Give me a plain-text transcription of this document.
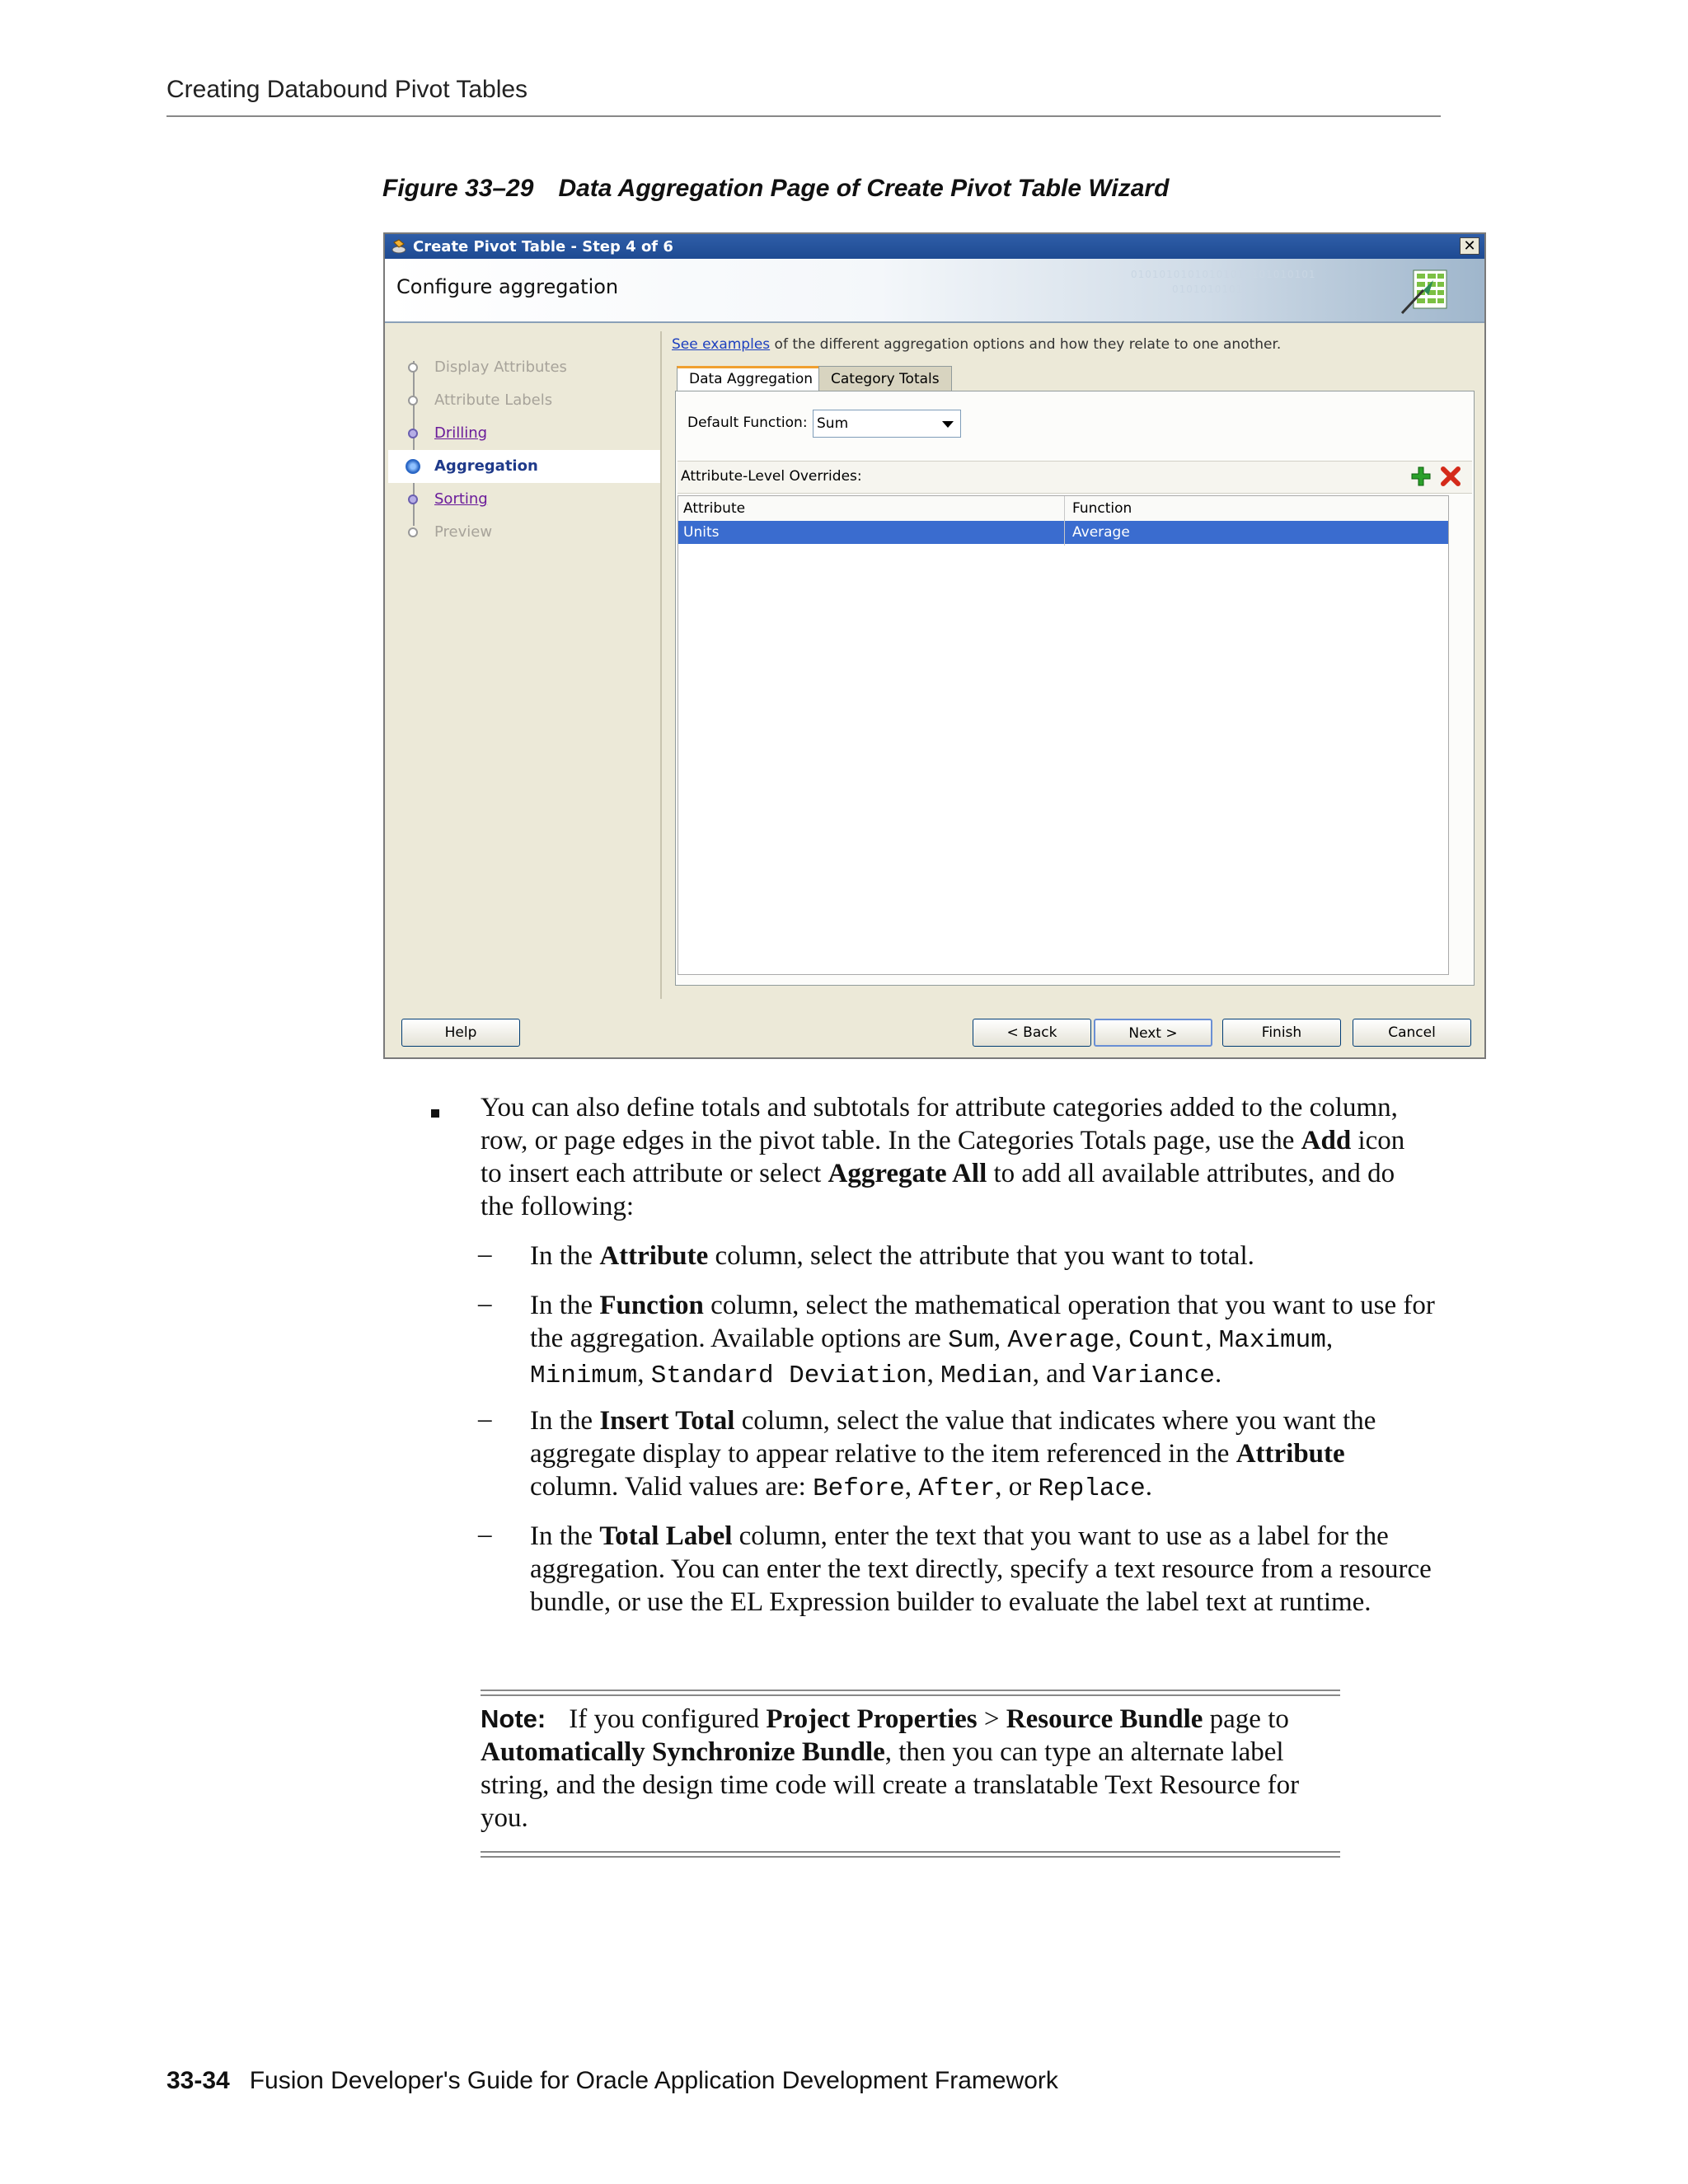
Creating Databound Pivot Tables
Figure 33–29 Data Aggregation Page of Create Pivot Table Wizard
Create Pivot Table - Step 4 of 6	✕
Configure aggregation
01010101010101010101010101
0101010101
Display Attributes
Attribute Labels
Drilling
Aggregation
Sorting
Preview
See examples of the different aggregation options and how they relate to one another.
Data Aggregation	Category Totals
Default Function: Sum
Attribute-Level Overrides:
Attribute	Function
Units	Average
Help	< Back	Next >	Finish	Cancel
You can also define totals and subtotals for attribute categories added to the column, row, or page edges in the pivot table. In the Categories Totals page, use the Add icon to insert each attribute or select Aggregate All to add all available attributes, and do the following:
– In the Attribute column, select the attribute that you want to total.
– In the Function column, select the mathematical operation that you want to use for the aggregation. Available options are Sum, Average, Count, Maximum, Minimum, Standard Deviation, Median, and Variance.
– In the Insert Total column, select the value that indicates where you want the aggregate display to appear relative to the item referenced in the Attribute column. Valid values are: Before, After, or Replace.
– In the Total Label column, enter the text that you want to use as a label for the aggregation. You can enter the text directly, specify a text resource from a resource bundle, or use the EL Expression builder to evaluate the label text at runtime.
Note: If you configured Project Properties > Resource Bundle page to Automatically Synchronize Bundle, then you can type an alternate label string, and the design time code will create a translatable Text Resource for you.
33-34 Fusion Developer's Guide for Oracle Application Development Framework
